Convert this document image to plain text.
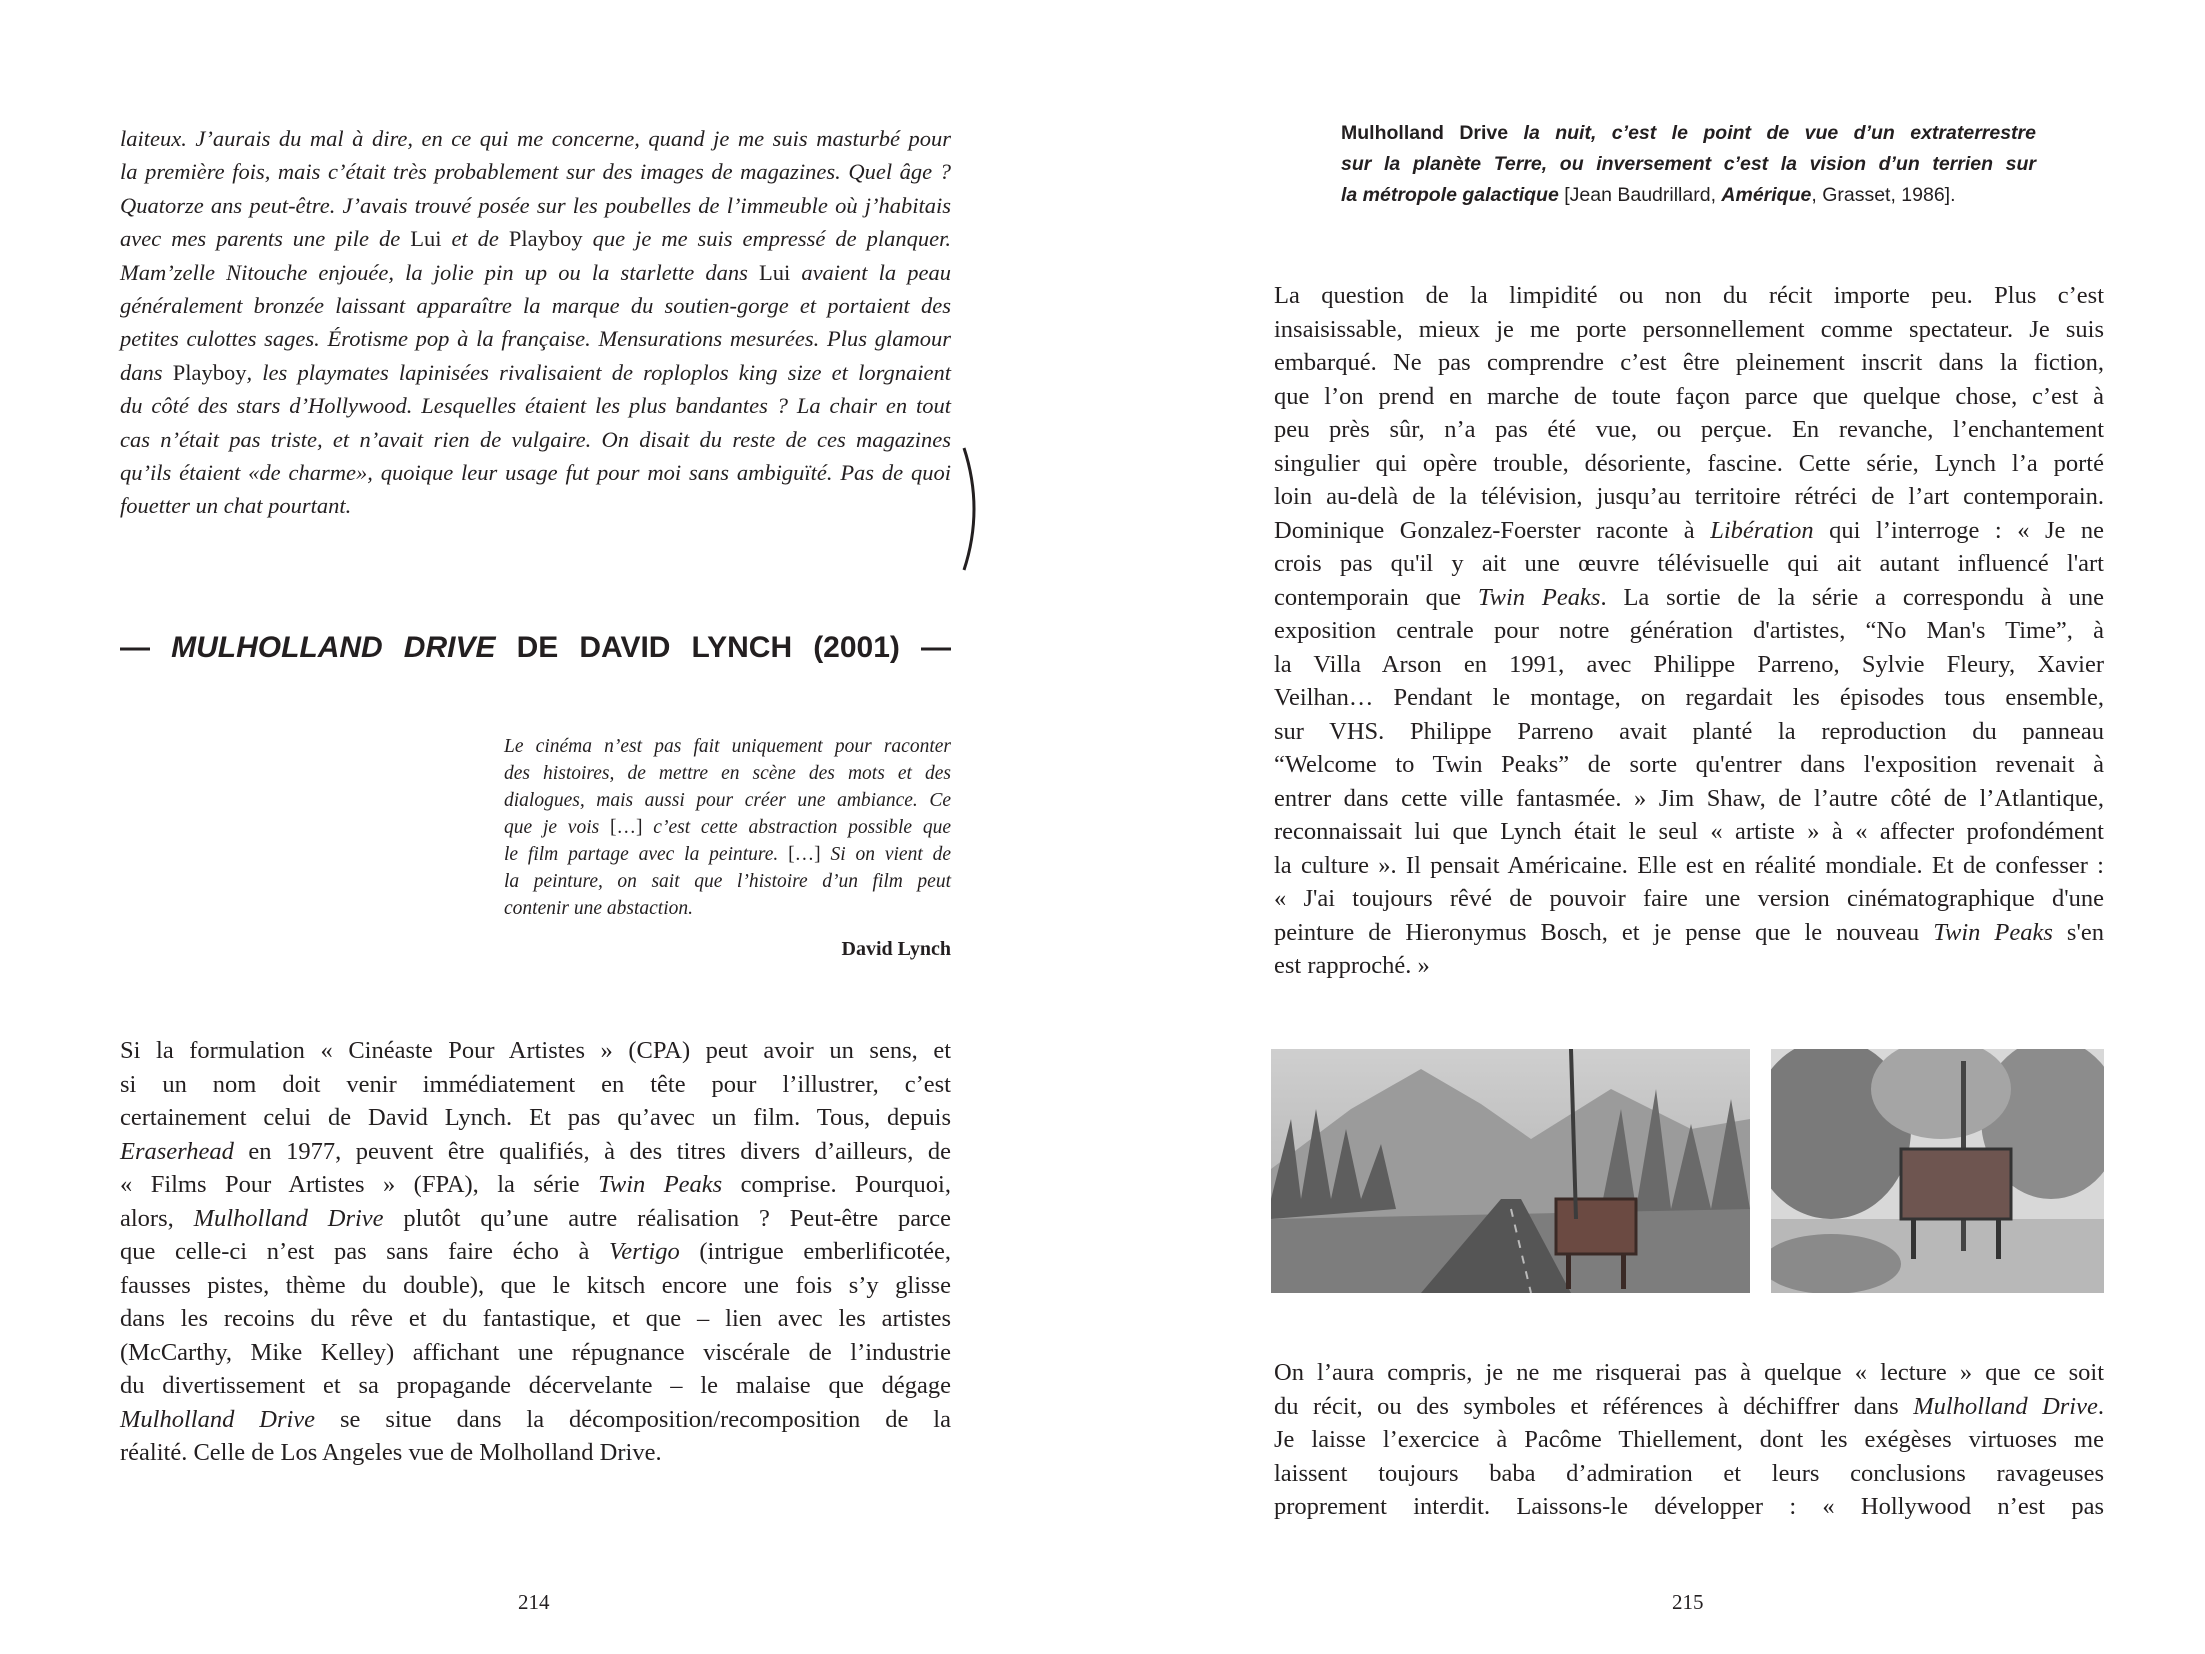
laiteux. J’aurais du mal à dire, en ce qui me concerne, quand je me suis masturbé pour
la première fois, mais c’était très probablement sur des images de magazines. Quel âge ?
Quatorze ans peut-être. J’avais trouvé posée sur les poubelles de l’immeuble où j’habitais
avec mes parents une pile de Lui et de Playboy que je me suis empressé de planquer.
Mam’zelle Nitouche enjouée, la jolie pin up ou la starlette dans Lui avaient la peau
généralement bronzée laissant apparaître la marque du soutien-gorge et portaient des
petites culottes sages. Érotisme pop à la française. Mensurations mesurées. Plus glamour
dans Playboy, les playmates lapinisées rivalisaient de roploplos king size et lorgnaient
du côté des stars d’Hollywood. Lesquelles étaient les plus bandantes ? La chair en tout
cas n’était pas triste, et n’avait rien de vulgaire. On disait du reste de ces magazines
qu’ils étaient «de charme», quoique leur usage fut pour moi sans ambiguïté. Pas de quoi
fouetter un chat pourtant.
— MULHOLLAND DRIVE DE DAVID LYNCH (2001) —
Le cinéma n’est pas fait uniquement pour raconter
des histoires, de mettre en scène des mots et des
dialogues, mais aussi pour créer une ambiance. Ce
que je vois […] c’est cette abstraction possible que
le film partage avec la peinture. […] Si on vient de
la peinture, on sait que l’histoire d’un film peut
contenir une abstaction.
David Lynch
Si la formulation « Cinéaste Pour Artistes » (CPA) peut avoir un sens, et
si un nom doit venir immédiatement en tête pour l’illustrer, c’est
certainement celui de David Lynch. Et pas qu’avec un film. Tous, depuis
Eraserhead en 1977, peuvent être qualifiés, à des titres divers d’ailleurs, de
« Films Pour Artistes » (FPA), la série Twin Peaks comprise. Pourquoi,
alors, Mulholland Drive plutôt qu’une autre réalisation ? Peut-être parce
que celle-ci n’est pas sans faire écho à Vertigo (intrigue emberlificotée,
fausses pistes, thème du double), que le kitsch encore une fois s’y glisse
dans les recoins du rêve et du fantastique, et que – lien avec les artistes
(McCarthy, Mike Kelley) affichant une répugnance viscérale de l’industrie
du divertissement et sa propagande décervelante – le malaise que dégage
Mulholland Drive se situe dans la décomposition/recomposition de la
réalité. Celle de Los Angeles vue de Molholland Drive.
214
Mulholland Drive la nuit, c’est le point de vue d’un extraterrestre
sur la planète Terre, ou inversement c’est la vision d’un terrien sur
la métropole galactique [Jean Baudrillard, Amérique, Grasset, 1986].
La question de la limpidité ou non du récit importe peu. Plus c’est
insaisissable, mieux je me porte personnellement comme spectateur. Je suis
embarqué. Ne pas comprendre c’est être pleinement inscrit dans la fiction,
que l’on prend en marche de toute façon parce que quelque chose, c’est à
peu près sûr, n’a pas été vue, ou perçue. En revanche, l’enchantement
singulier qui opère trouble, désoriente, fascine. Cette série, Lynch l’a porté
loin au-delà de la télévision, jusqu’au territoire rétréci de l’art contemporain.
Dominique Gonzalez-Foerster raconte à Libération qui l’interroge : « Je ne
crois pas qu'il y ait une œuvre télévisuelle qui ait autant influencé l'art
contemporain que Twin Peaks. La sortie de la série a correspondu à une
exposition centrale pour notre génération d'artistes, “No Man's Time”, à
la Villa Arson en 1991, avec Philippe Parreno, Sylvie Fleury, Xavier
Veilhan… Pendant le montage, on regardait les épisodes tous ensemble,
sur VHS. Philippe Parreno avait planté la reproduction du panneau
“Welcome to Twin Peaks” de sorte qu'entrer dans l'exposition revenait à
entrer dans cette ville fantasmée. » Jim Shaw, de l’autre côté de l’Atlantique,
reconnaissait lui que Lynch était le seul « artiste » à « affecter profondément
la culture ». Il pensait Américaine. Elle est en réalité mondiale. Et de confesser :
« J'ai toujours rêvé de pouvoir faire une version cinématographique d'une
peinture de Hieronymus Bosch, et je pense que le nouveau Twin Peaks s'en
est rapproché. »
On l’aura compris, je ne me risquerai pas à quelque « lecture » que ce soit
du récit, ou des symboles et références à déchiffrer dans Mulholland Drive.
Je laisse l’exercice à Pacôme Thiellement, dont les exégèses virtuoses me
laissent toujours baba d’admiration et leurs conclusions ravageuses
proprement interdit. Laissons-le développer : « Hollywood n’est pas
215
